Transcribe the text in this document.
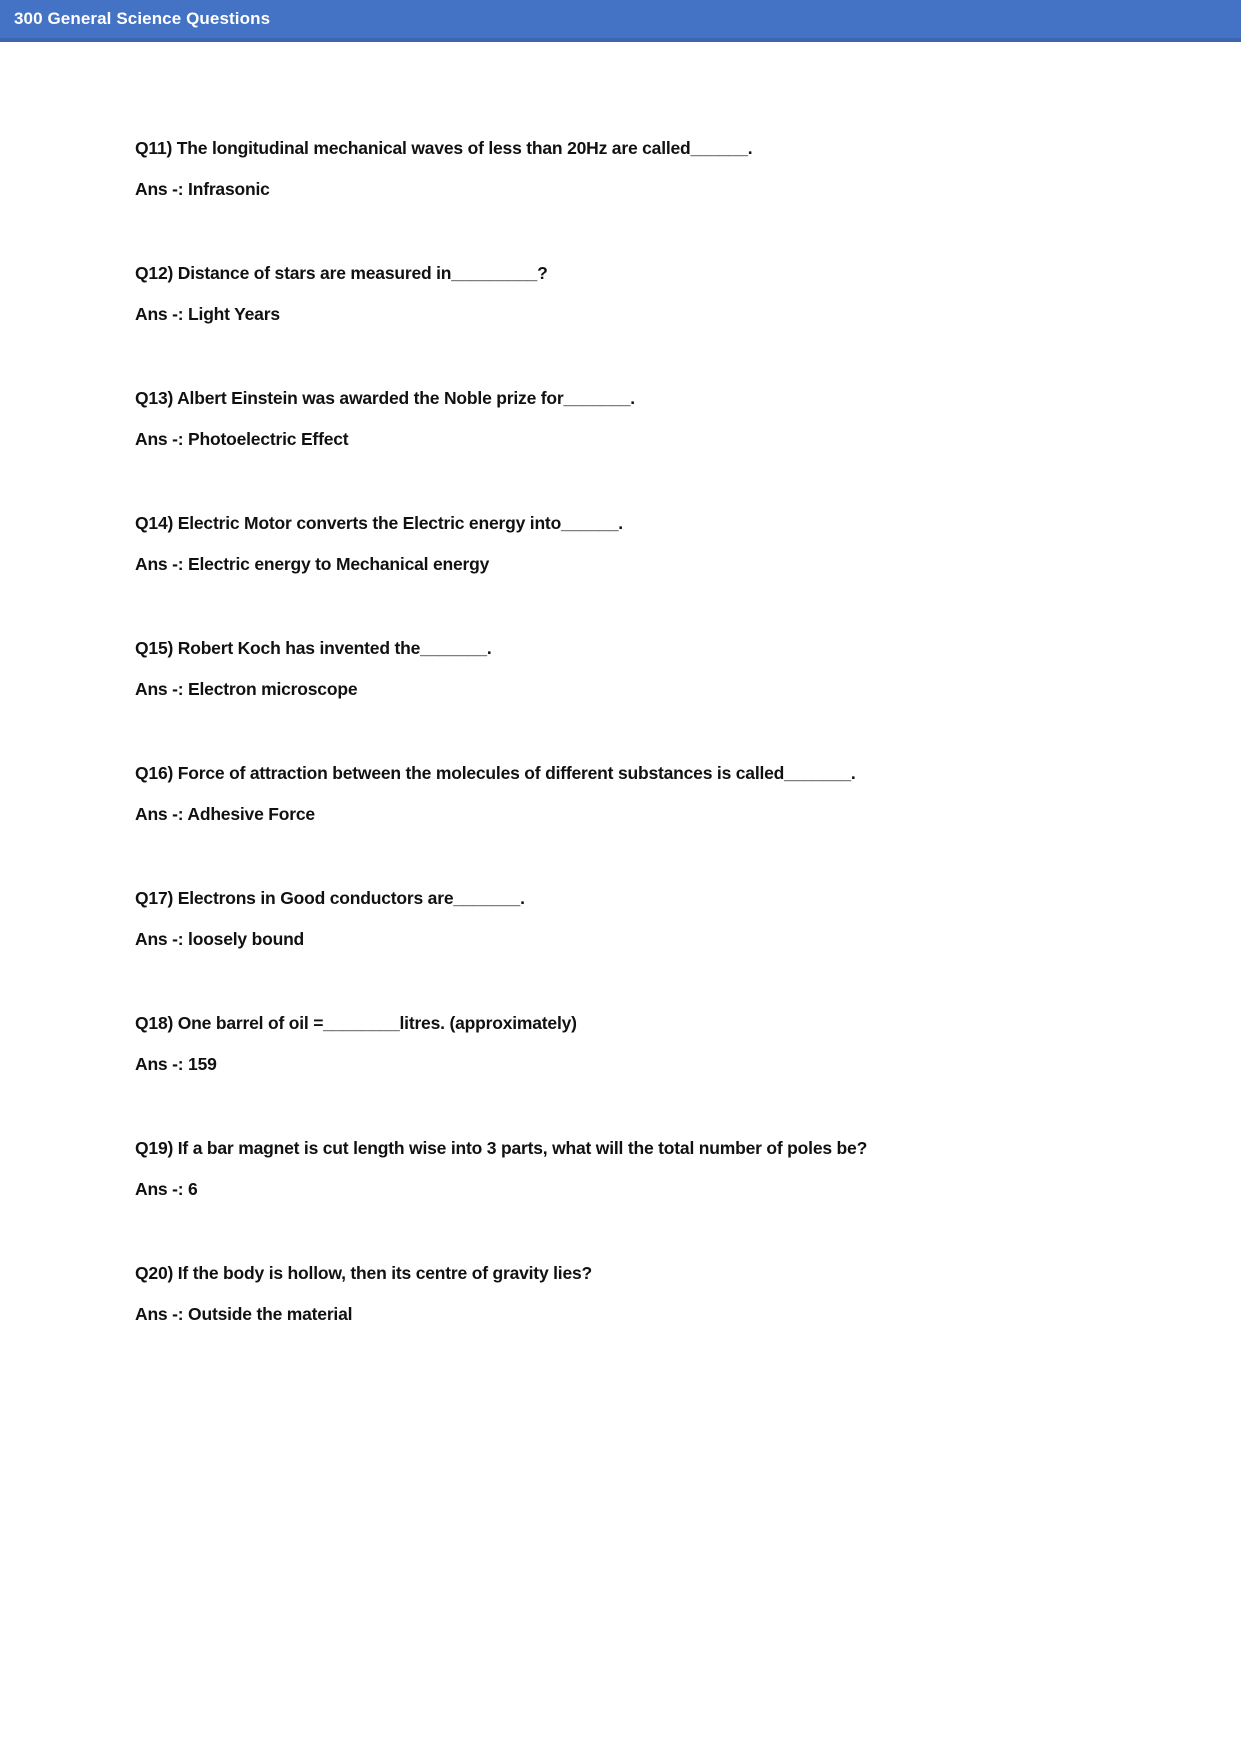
300 General Science Questions

Q11) The longitudinal mechanical waves of less than 20Hz are called______.

Ans -: Infrasonic

Q12) Distance of stars are measured in_________?

Ans -: Light Years

Q13) Albert Einstein was awarded the Noble prize for_______.

Ans -: Photoelectric Effect

Q14) Electric Motor converts the Electric energy into______.

Ans -: Electric energy to Mechanical energy

Q15) Robert Koch has invented the_______.

Ans -: Electron microscope

Q16) Force of attraction between the molecules of different substances is called_______.

Ans -: Adhesive Force

Q17) Electrons in Good conductors are_______.

Ans -: loosely bound

Q18) One barrel of oil =________litres. (approximately)

Ans -: 159

Q19) If a bar magnet is cut length wise into 3 parts, what will the total number of poles be?

Ans -: 6

Q20) If the body is hollow, then its centre of gravity lies?

Ans -: Outside the material
